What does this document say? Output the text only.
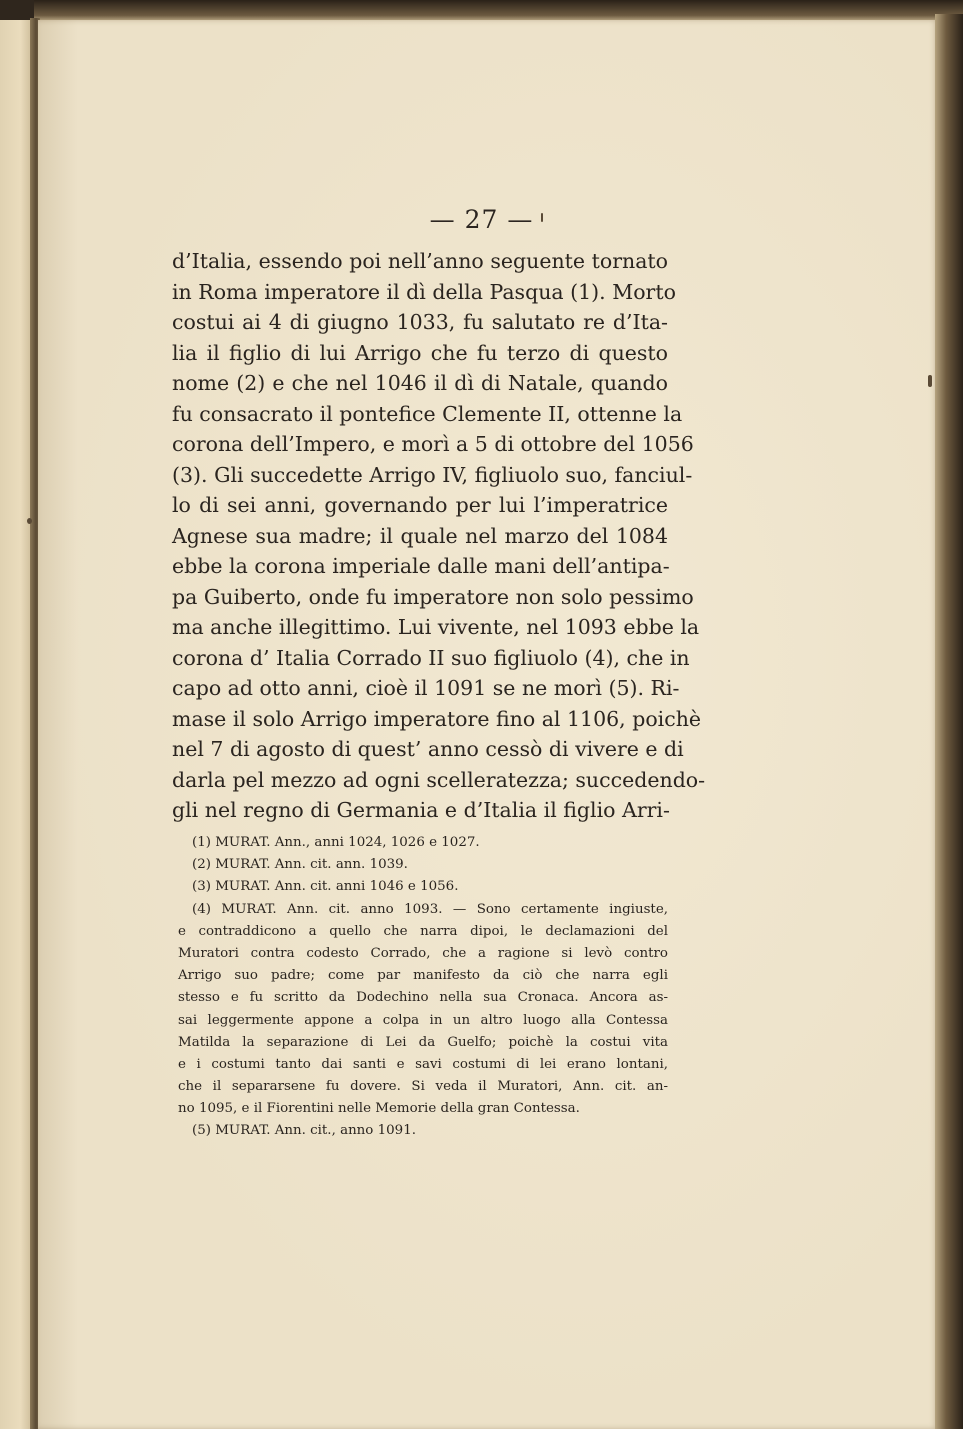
— 27 —
d’Italia, essendo poi nell’anno seguente tornato
in Roma imperatore il dì della Pasqua (1). Morto
costui ai 4 di giugno 1033, fu salutato re d’Ita-
lia il figlio di lui Arrigo che fu terzo di questo
nome (2) e che nel 1046 il dì di Natale, quando
fu consacrato il pontefice Clemente II, ottenne la
corona dell’Impero, e morì a 5 di ottobre del 1056
(3). Gli succedette Arrigo IV, figliuolo suo, fanciul-
lo di sei anni, governando per lui l’imperatrice
Agnese sua madre; il quale nel marzo del 1084
ebbe la corona imperiale dalle mani dell’antipa-
pa Guiberto, onde fu imperatore non solo pessimo
ma anche illegittimo. Lui vivente, nel 1093 ebbe la
corona d’ Italia Corrado II suo figliuolo (4), che in
capo ad otto anni, cioè il 1091 se ne morì (5). Ri-
mase il solo Arrigo imperatore fino al 1106, poichè
nel 7 di agosto di quest’ anno cessò di vivere e di
darla pel mezzo ad ogni scelleratezza; succedendo-
gli nel regno di Germania e d’Italia il figlio Arri-
(1) MURAT. Ann., anni 1024, 1026 e 1027.
(2) MURAT. Ann. cit. ann. 1039.
(3) MURAT. Ann. cit. anni 1046 e 1056.
(4) MURAT. Ann. cit. anno 1093. — Sono certamente ingiuste,
e contraddicono a quello che narra dipoi, le declamazioni del
Muratori contra codesto Corrado, che a ragione si levò contro
Arrigo suo padre; come par manifesto da ciò che narra egli
stesso e fu scritto da Dodechino nella sua Cronaca. Ancora as-
sai leggermente appone a colpa in un altro luogo alla Contessa
Matilda la separazione di Lei da Guelfo; poichè la costui vita
e i costumi tanto dai santi e savi costumi di lei erano lontani,
che il separarsene fu dovere. Si veda il Muratori, Ann. cit. an-
no 1095, e il Fiorentini nelle Memorie della gran Contessa.
(5) MURAT. Ann. cit., anno 1091.
